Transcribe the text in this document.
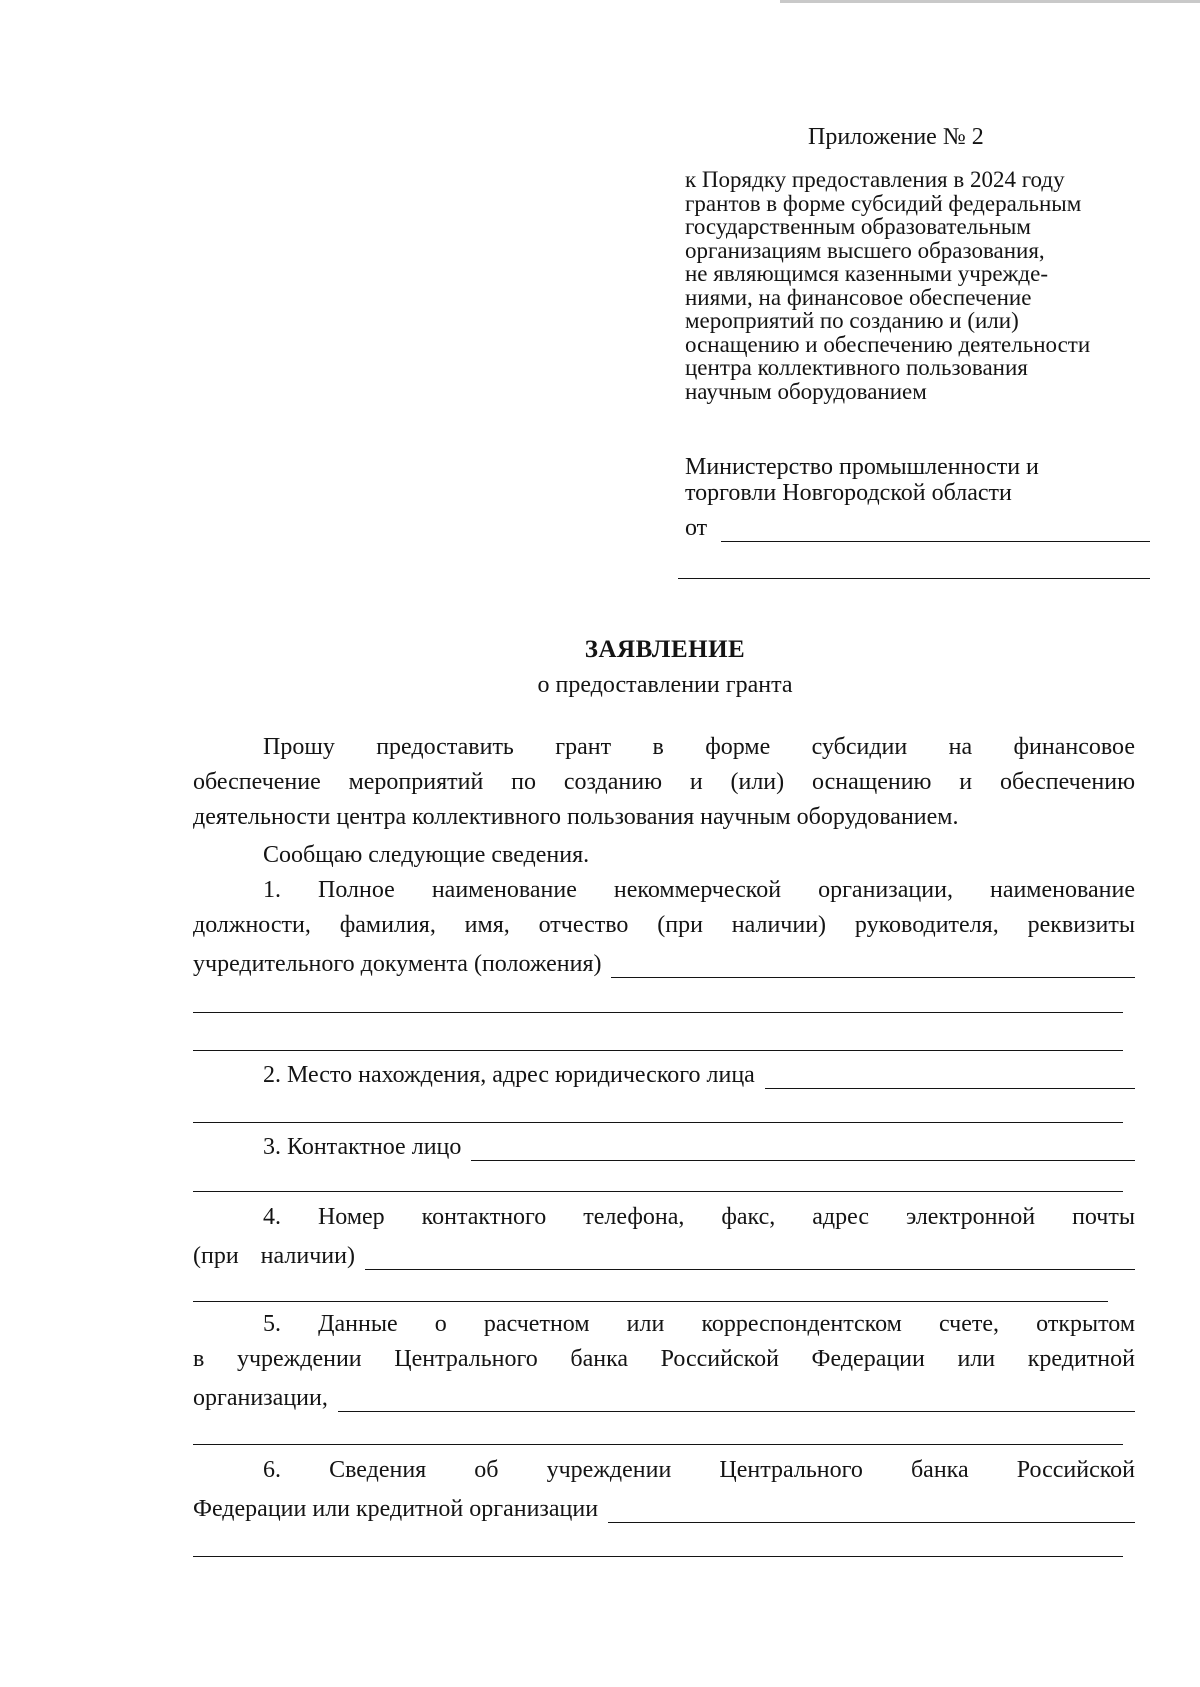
Приложение № 2
к Порядку предоставления в 2024 году
грантов в форме субсидий федеральным
государственным образовательным
организациям высшего образования,
не являющимся казенными учрежде-
ниями, на финансовое обеспечение
мероприятий по созданию и (или)
оснащению и обеспечению деятельности
центра коллективного пользования
научным оборудованием
Министерство промышленности и
торговли Новгородской области
от
ЗАЯВЛЕНИЕ
о предоставлении гранта
Прошу предоставить грант в форме субсидии на финансовое
обеспечение мероприятий по созданию и (или) оснащению и обеспечению
деятельности центра коллективного пользования научным оборудованием.
Сообщаю следующие сведения.
1. Полное наименование некоммерческой организации, наименование
должности, фамилия, имя, отчество (при наличии) руководителя, реквизиты
учредительного документа (положения)
2. Место нахождения, адрес юридического лица
3. Контактное лицо
4. Номер контактного телефона, факс, адрес электронной почты
(при наличии)
5. Данные о расчетном или корреспондентском счете, открытом
в учреждении Центрального банка Российской Федерации или кредитной
организации,
6. Сведения об учреждении Центрального банка Российской
Федерации или кредитной организации
